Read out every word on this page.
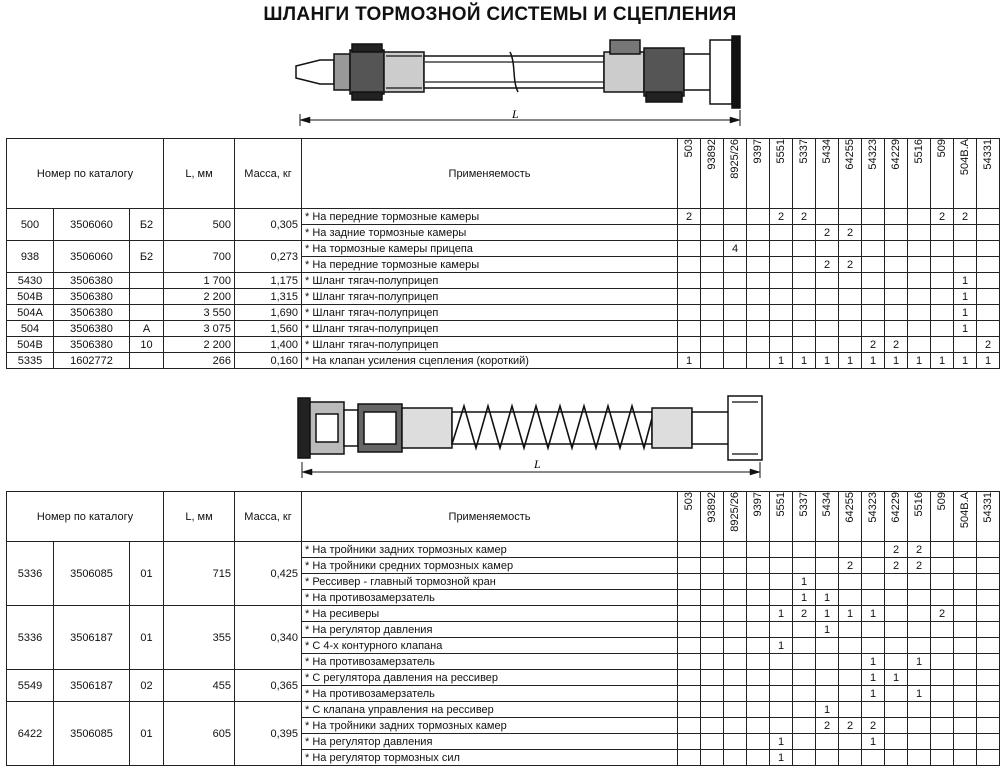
ШЛАНГИ ТОРМОЗНОЙ СИСТЕМЫ И СЦЕПЛЕНИЯ
L
L
Номер по каталогу			L, мм	Масса, кг	Применяемость	503	93892	8925/26	9397	5551	5337	5434	64255	54323	64229	5516	509	504B.A	54331
500	3506060	Б2	500	0,305	* На передние тормозные камеры	2				2	2						2	2	
					* На задние тормозные камеры							2	2						
938	3506060	Б2	700	0,273	* На тормозные камеры прицепа			4											
					* На передние тормозные камеры							2	2						
5430	3506380		1 700	1,175	* Шланг тягач-полуприцеп													1	
504B	3506380		2 200	1,315	* Шланг тягач-полуприцеп													1	
504A	3506380		3 550	1,690	* Шланг тягач-полуприцеп													1	
504	3506380	А	3 075	1,560	* Шланг тягач-полуприцеп													1	
504B	3506380	10	2 200	1,400	* Шланг тягач-полуприцеп									2	2				2
5335	1602772		266	0,160	* На клапан усиления сцепления (короткий)	1				1	1	1	1	1	1	1	1	1	1
Номер по каталогу			L, мм	Масса, кг	Применяемость	503	93892	8925/26	9397	5551	5337	5434	64255	54323	64229	5516	509	504B.A	54331
5336	3506085	01	715	0,425	* На тройники задних тормозных камер										2	2			
					* На тройники средних тормозных камер								2		2	2			
					* Рессивер - главный тормозной кран						1								
					* На противозамерзатель						1	1							
5336	3506187	01	355	0,340	* На ресиверы					1	2	1	1	1			2		
					* На регулятор давления							1							
					* С 4-х контурного клапана					1									
					* На противозамерзатель									1		1			
5549	3506187	02	455	0,365	* С регулятора давления на рессивер									1	1				
					* На противозамерзатель									1		1			
6422	3506085	01	605	0,395	* С клапана управления на рессивер							1							
					* На тройники задних тормозных камер							2	2	2					
					* На регулятор давления					1				1					
					* На регулятор тормозных сил					1									
